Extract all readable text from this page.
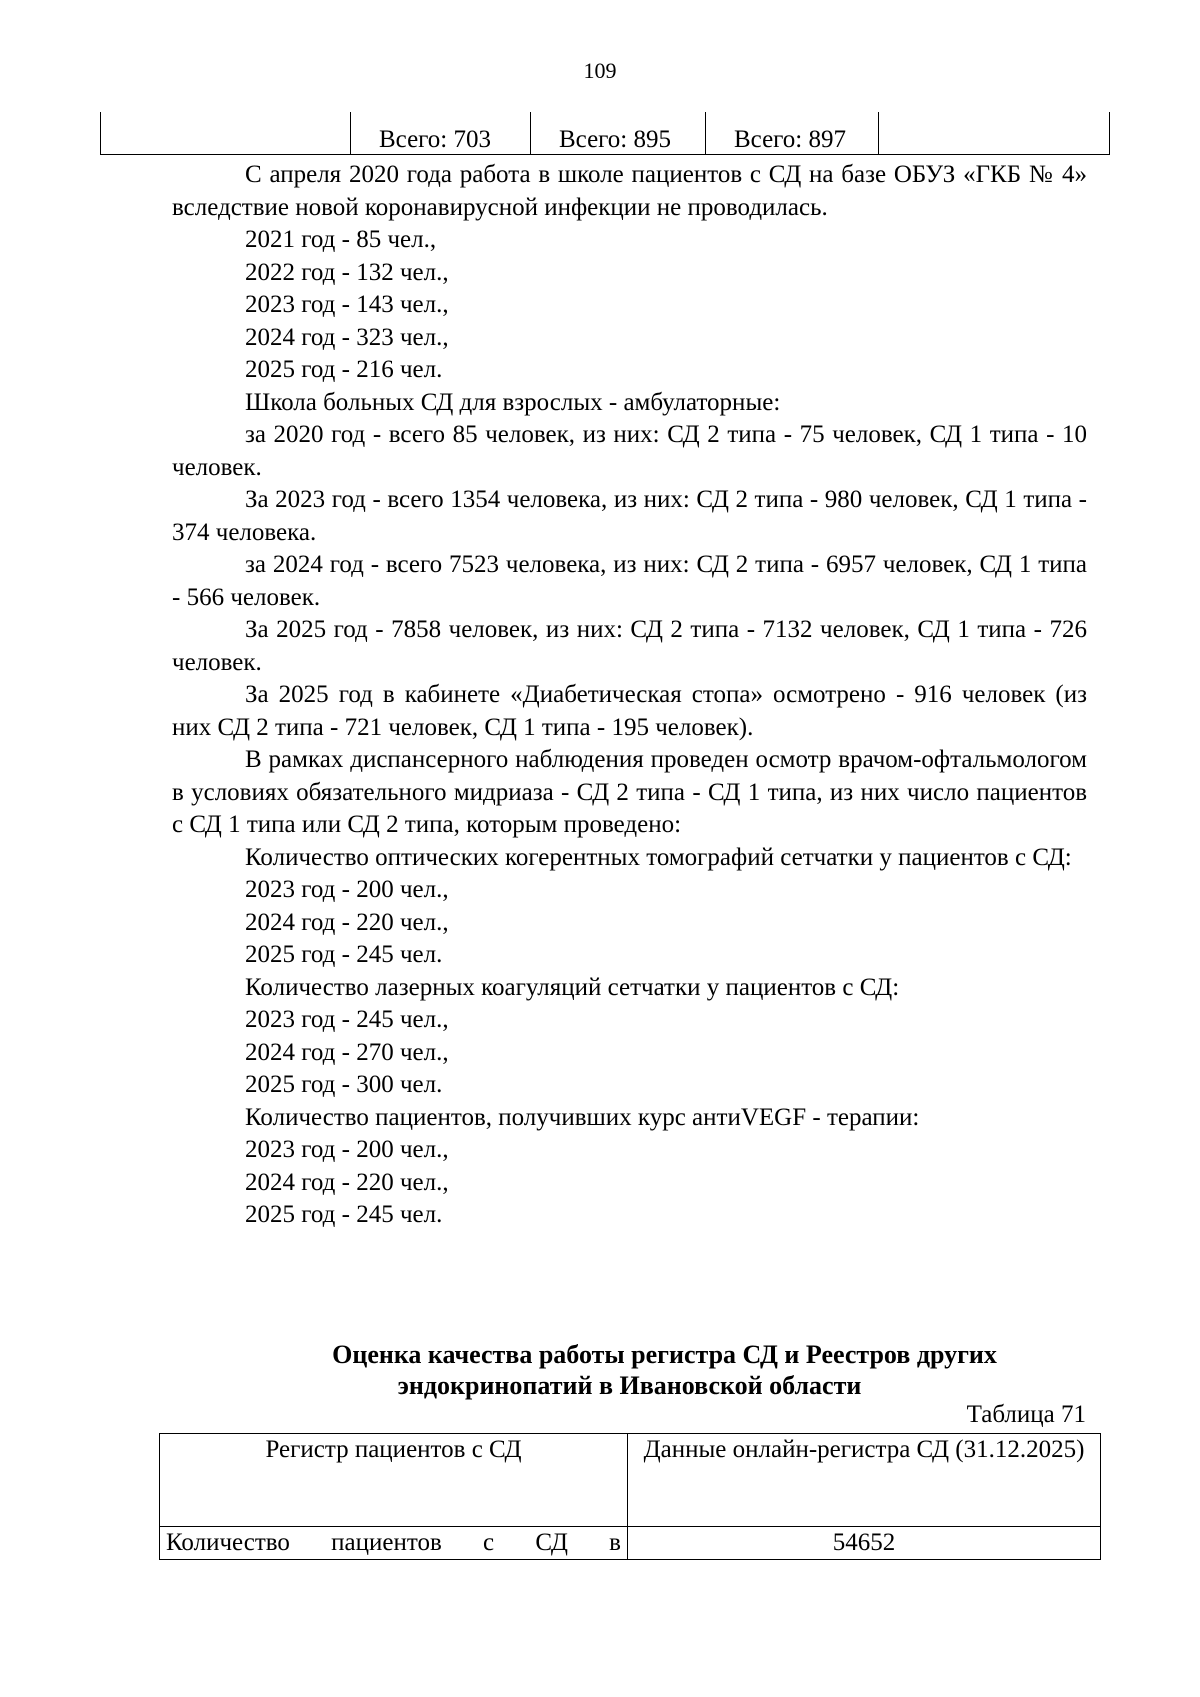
109
	Всего: 703	Всего: 895	Всего: 897	

С апреля 2020 года работа в школе пациентов с СД на базе ОБУЗ «ГКБ № 4» вследствие новой коронавирусной инфекции не проводилась.

2021 год - 85 чел.,

2022 год - 132 чел.,

2023 год - 143 чел.,

2024 год - 323 чел.,

2025 год - 216 чел.

Школа больных СД для взрослых - амбулаторные:

за 2020 год - всего 85 человек, из них: СД 2 типа - 75 человек, СД 1 типа - 10 человек.

За 2023 год - всего 1354 человека, из них: СД 2 типа - 980 человек, СД 1 типа - 374 человека.

за 2024 год - всего 7523 человека, из них: СД 2 типа - 6957 человек, СД 1 типа - 566 человек.

За 2025 год - 7858 человек, из них: СД 2 типа - 7132 человек, СД 1 типа - 726 человек.

За 2025 год в кабинете «Диабетическая стопа» осмотрено - 916 человек (из них СД 2 типа - 721 человек, СД 1 типа - 195 человек).

В рамках диспансерного наблюдения проведен осмотр врачом-офтальмологом в условиях обязательного мидриаза - СД 2 типа - СД 1 типа, из них число пациентов с СД 1 типа или СД 2 типа, которым проведено:

Количество оптических когерентных томографий сетчатки у пациентов с СД:

2023 год - 200 чел.,

2024 год - 220 чел.,

2025 год - 245 чел.

Количество лазерных коагуляций сетчатки у пациентов с СД:

2023 год - 245 чел.,

2024 год - 270 чел.,

2025 год - 300 чел.

Количество пациентов, получивших курс антиVEGF - терапии:

2023 год - 200 чел.,

2024 год - 220 чел.,

2025 год - 245 чел.

Оценка качества работы регистра СД и Реестров других

эндокринопатий в Ивановской области

Таблица 71
Регистр пациентов с СД	Данные онлайн-регистра СД (31.12.2025)

Количество пациентов с СД в	54652
